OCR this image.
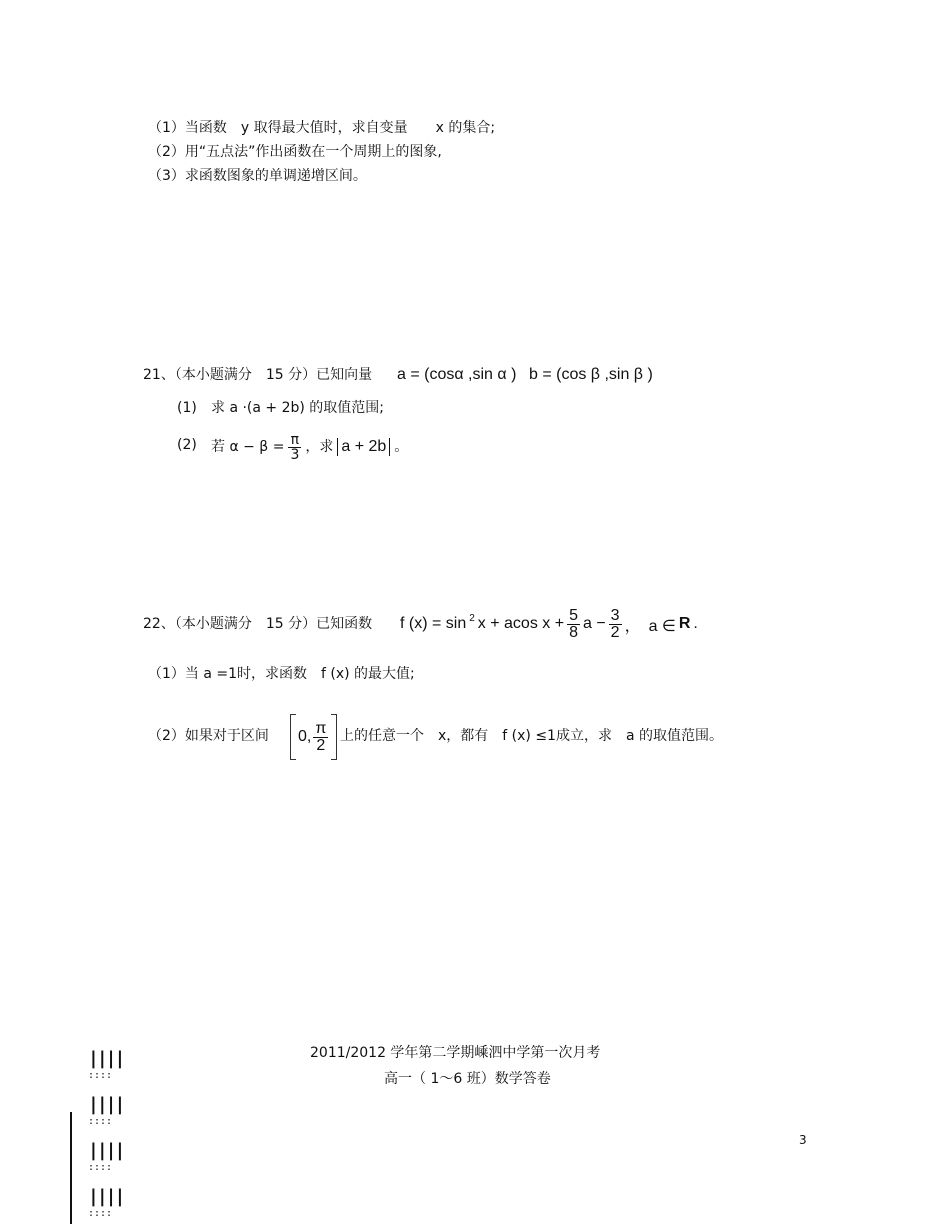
（1）当函数　y 取得最大值时，求自变量　　x 的集合;
（2）用“五点法”作出函数在一个周期上的图象,
（3）求函数图象的单调递增区间。
21、（本小题满分　15 分）已知向量 a = (cosα ,sin α ) b = (cos β ,sin β )
(1) 求 a ·(a + 2b) 的取值范围;
(2) 若 $\alpha - \beta = \frac{\pi}{3}$ ，求 a + 2b 。
22、（本小题满分　15 分）已知函数 f (x) = sin $^2$ x + acos $x + \frac{5}{8}$ $a - \frac{3}{2}$ ，　a ∈ R .
（1）当 a =1时，求函数　f (x) 的最大值;
（2）如果对于区间 0, $\frac{\pi}{2}$ 上的任意一个　x，都有　f (x) ≤1成立，求　a 的取值范围。
2011/2012 学年第二学期嵊泗中学第一次月考
高一（ 1～6 班）数学答卷
3
||||
::::
||||
::::
||||
::::
||||
::::
